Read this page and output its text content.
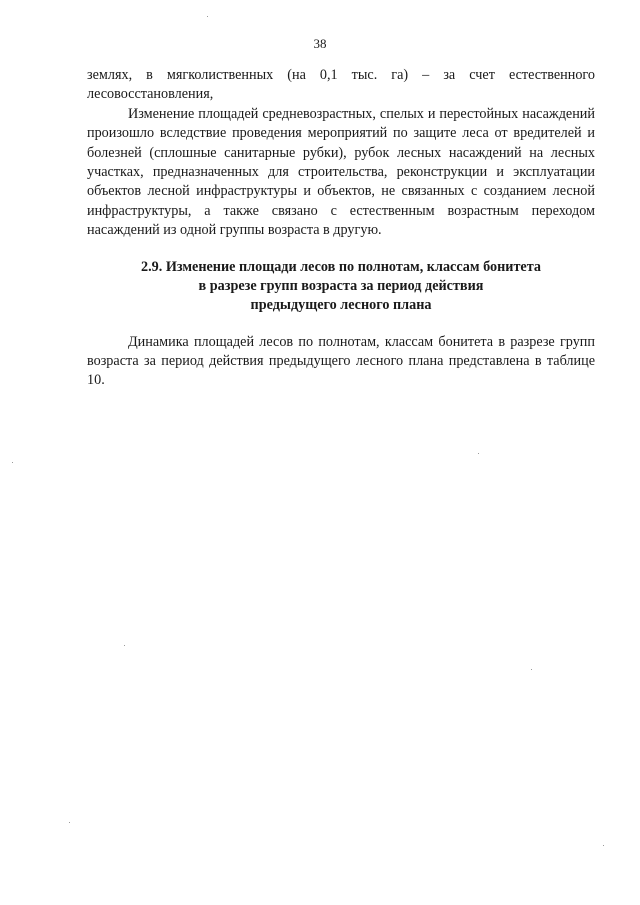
38

землях, в мягколиственных (на 0,1 тыс. га) – за счет естественного лесовосстановления,

Изменение площадей средневозрастных, спелых и перестойных насаждений произошло вследствие проведения мероприятий по защите леса от вредителей и болезней (сплошные санитарные рубки), рубок лесных насаждений на лесных участках, предназначенных для строительства, реконструкции и эксплуатации объектов лесной инфраструктуры и объектов, не связанных с созданием лесной инфраструктуры, а также связано с естественным возрастным переходом насаждений из одной группы возраста в другую.

2.9. Изменение площади лесов по полнотам, классам бонитета
в разрезе групп возраста за период действия
предыдущего лесного плана

Динамика площадей лесов по полнотам, классам бонитета в разрезе групп возраста за период действия предыдущего лесного плана представлена в таблице 10.
